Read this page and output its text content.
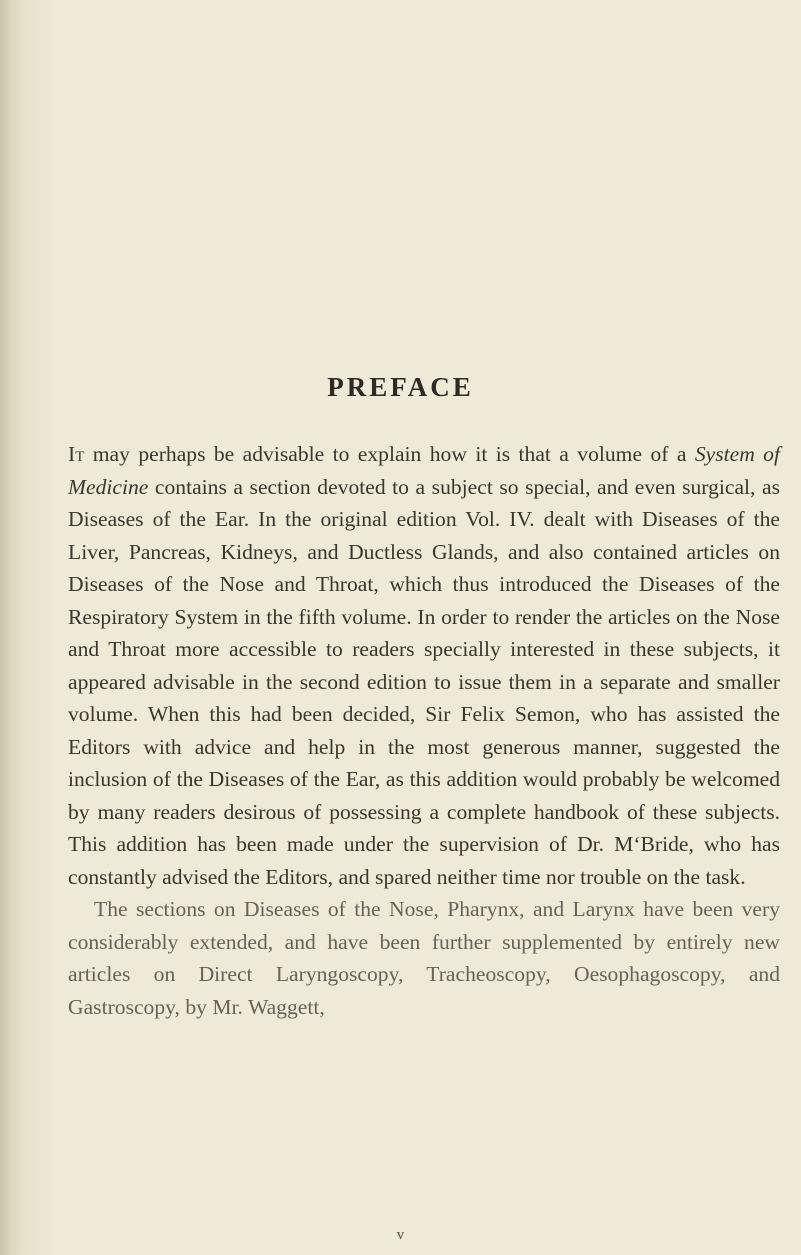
PREFACE

It may perhaps be advisable to explain how it is that a volume of a System of Medicine contains a section devoted to a subject so special, and even surgical, as Diseases of the Ear. In the original edition Vol. IV. dealt with Diseases of the Liver, Pancreas, Kidneys, and Ductless Glands, and also contained articles on Diseases of the Nose and Throat, which thus introduced the Diseases of the Respiratory System in the fifth volume. In order to render the articles on the Nose and Throat more accessible to readers specially interested in these subjects, it appeared advisable in the second edition to issue them in a separate and smaller volume. When this had been decided, Sir Felix Semon, who has assisted the Editors with advice and help in the most generous manner, suggested the inclusion of the Diseases of the Ear, as this addition would probably be welcomed by many readers desirous of possessing a complete handbook of these subjects. This addition has been made under the supervision of Dr. M‘Bride, who has constantly advised the Editors, and spared neither time nor trouble on the task.

The sections on Diseases of the Nose, Pharynx, and Larynx have been very considerably extended, and have been further supplemented by entirely new articles on Direct Laryngoscopy, Tracheoscopy, Oesophagoscopy, and Gastroscopy, by Mr. Waggett,

v
